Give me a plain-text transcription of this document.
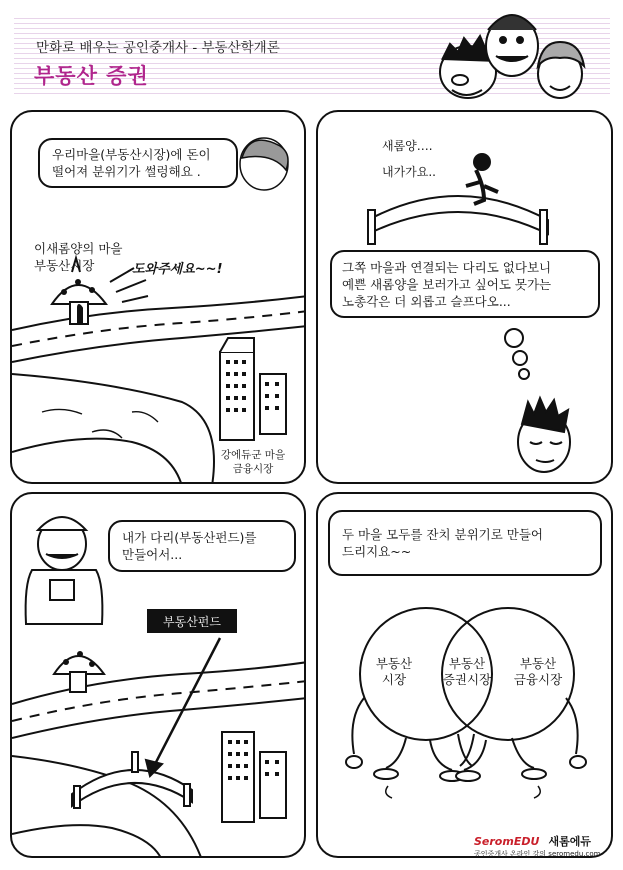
만화로 배우는 공인중개사 - 부동산학개론
부동산 증권
우리마을(부동산시장)에 돈이
떨어져 분위기가 썰렁해요 .
이새롬양의 마을
부동산시장	도와주세요~~!
강에듀군 마을
금융시장
새롬양….
내가가요..
그쪽 마을과 연결되는 다리도 없다보니
예쁜 새롬양을 보러가고 싶어도 못가는
노총각은 더 외롭고 슬프다오...
내가 다리(부동산펀드)를
만들어서...
부동산펀드
두 마을 모두를 잔치 분위기로 만들어
드리지요~~
부동산
시장
부동산
증권시장
부동산
금융시장
SeromEDU 새롬에듀
공인중개사 온라인 강의 seromedu.com
